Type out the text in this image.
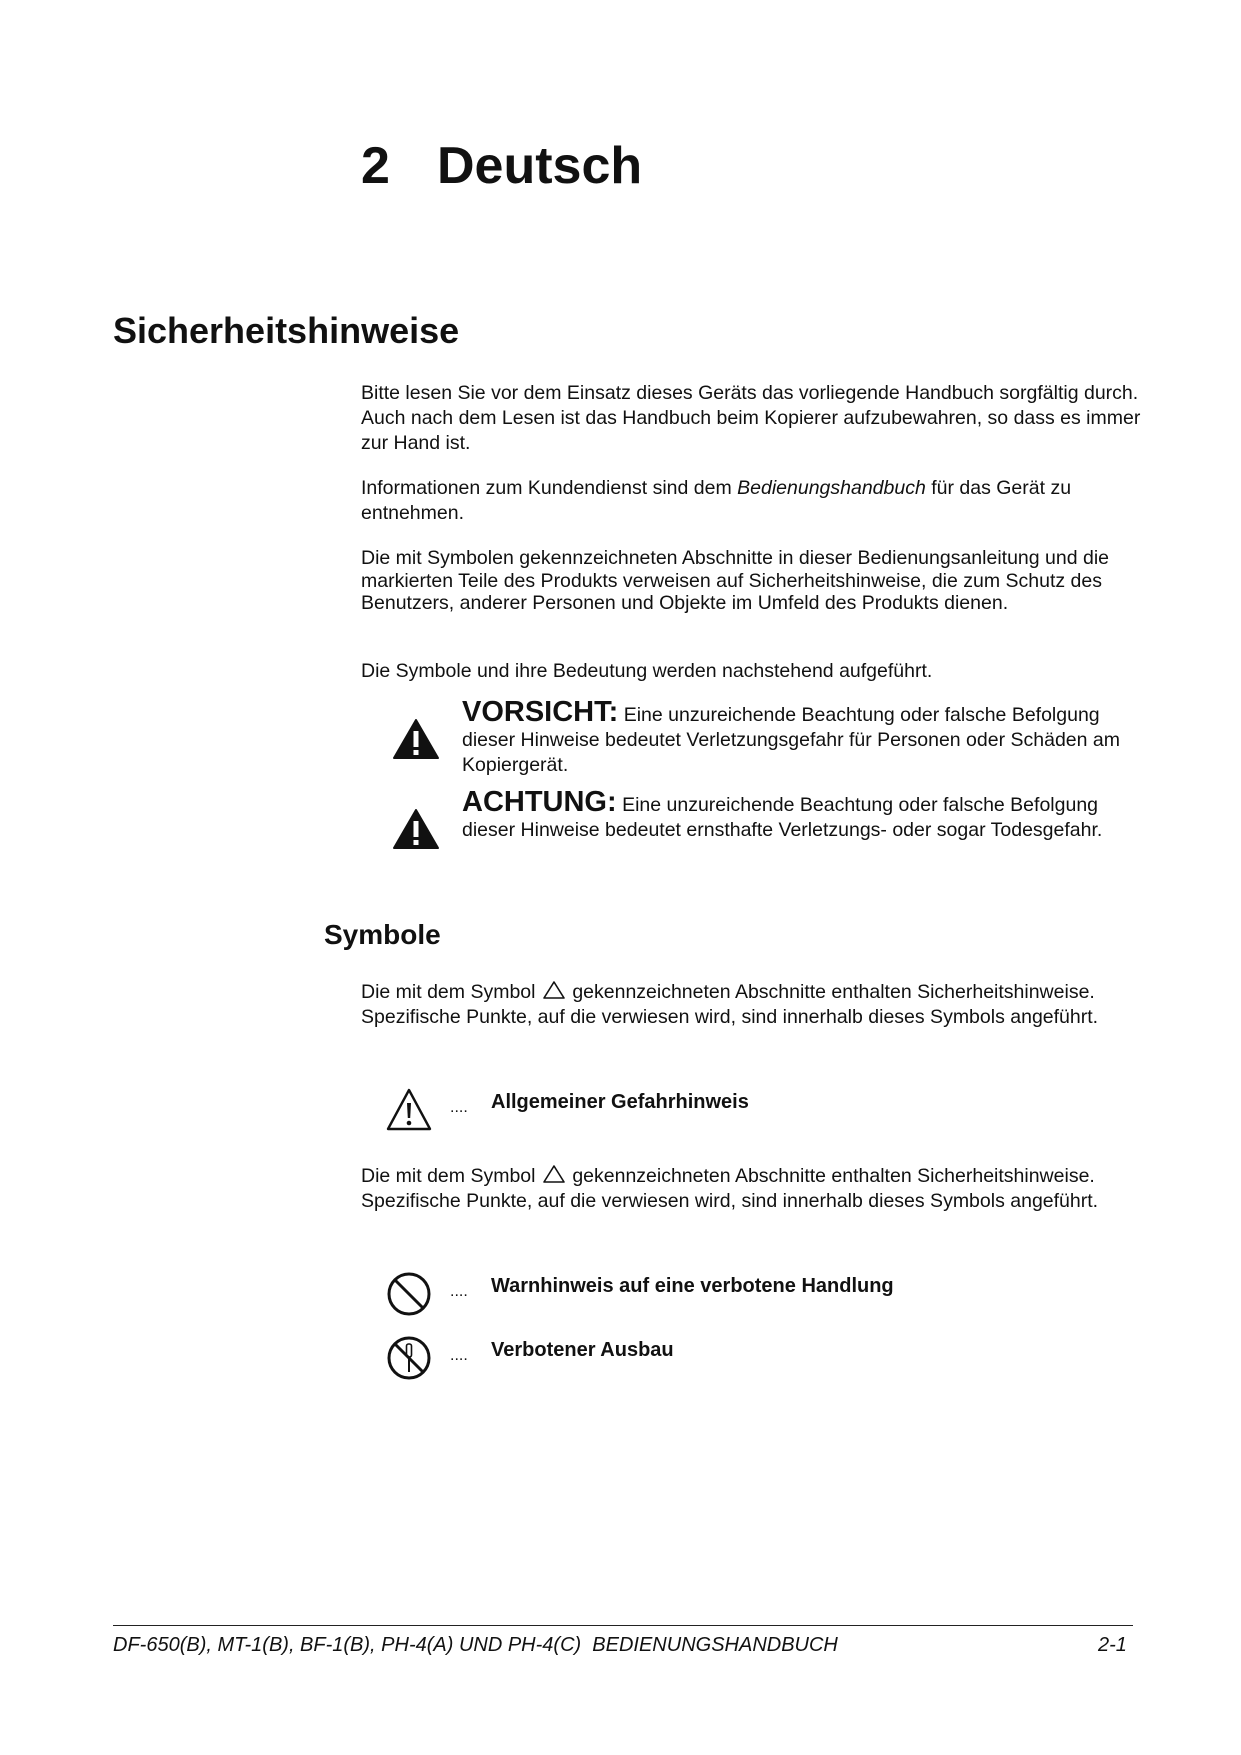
2 Deutsch
Sicherheitshinweise
Bitte lesen Sie vor dem Einsatz dieses Geräts das vorliegende Handbuch sorgfältig durch. Auch nach dem Lesen ist das Handbuch beim Kopierer aufzubewahren, so dass es immer zur Hand ist.
Informationen zum Kundendienst sind dem Bedienungshandbuch für das Gerät zu entnehmen.
Die mit Symbolen gekennzeichneten Abschnitte in dieser Bedienungsanleitung und die markierten Teile des Produkts verweisen auf Sicherheitshinweise, die zum Schutz des Benutzers, anderer Personen und Objekte im Umfeld des Produkts dienen.
Die Symbole und ihre Bedeutung werden nachstehend aufgeführt.
VORSICHT: Eine unzureichende Beachtung oder falsche Befolgung dieser Hinweise bedeutet Verletzungsgefahr für Personen oder Schäden am Kopiergerät.
ACHTUNG: Eine unzureichende Beachtung oder falsche Befolgung dieser Hinweise bedeutet ernsthafte Verletzungs- oder sogar Todesgefahr.
Symbole
Die mit dem Symbol gekennzeichneten Abschnitte enthalten Sicherheitshinweise. Spezifische Punkte, auf die verwiesen wird, sind innerhalb dieses Symbols angeführt.
.... Allgemeiner Gefahrhinweis
Die mit dem Symbol gekennzeichneten Abschnitte enthalten Sicherheitshinweise. Spezifische Punkte, auf die verwiesen wird, sind innerhalb dieses Symbols angeführt.
.... Warnhinweis auf eine verbotene Handlung
.... Verbotener Ausbau
DF-650(B), MT-1(B), BF-1(B), PH-4(A) UND PH-4(C)  BEDIENUNGSHANDBUCH	2-1
